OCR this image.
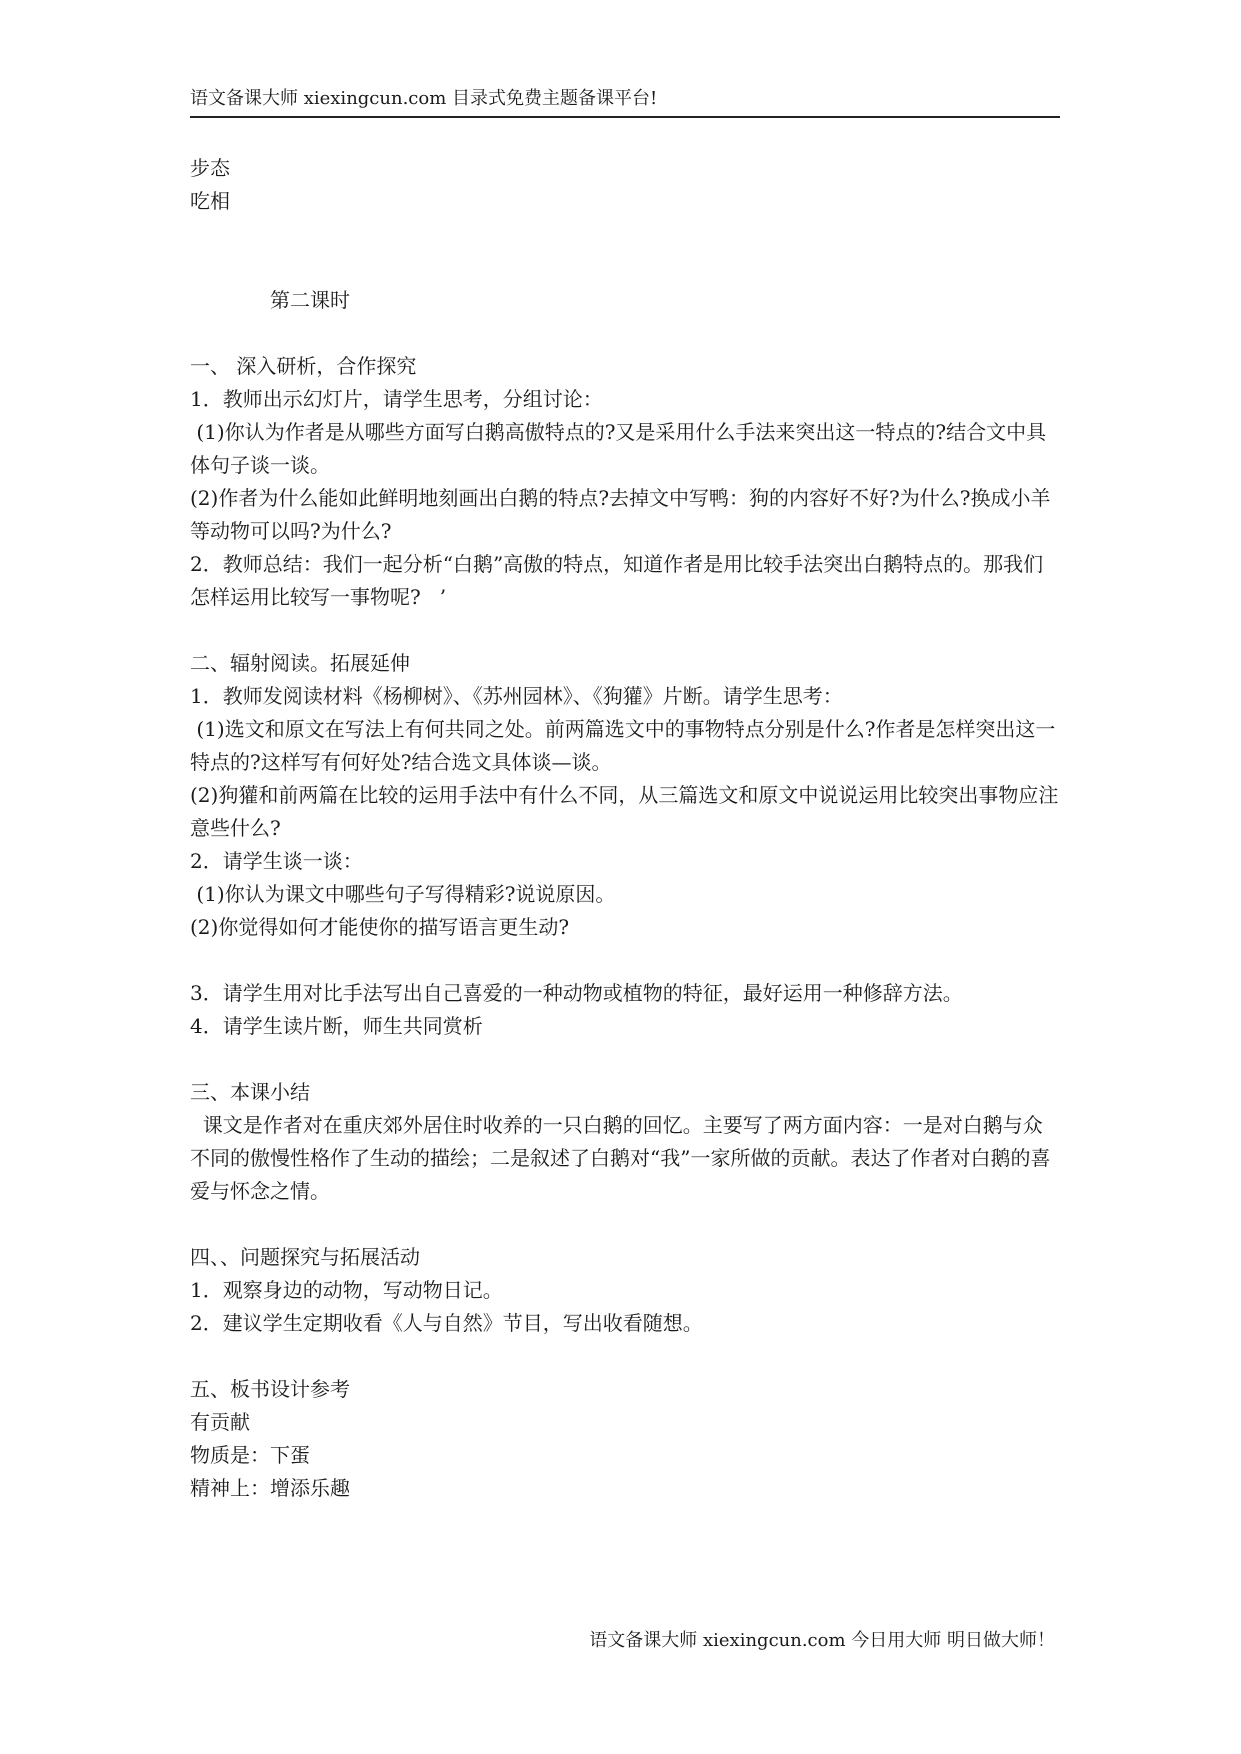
语文备课大师 xiexingcun.com 目录式免费主题备课平台!
步态
吃相
第二课时
一、 深入研析，合作探究
1．教师出示幻灯片，请学生思考，分组讨论：
(1)你认为作者是从哪些方面写白鹅高傲特点的?又是采用什么手法来突出这一特点的?结合文中具体句子谈一谈。
(2)作者为什么能如此鲜明地刻画出白鹅的特点?去掉文中写鸭：狗的内容好不好?为什么?换成小羊等动物可以吗?为什么?
2．教师总结：我们一起分析“白鹅”高傲的特点，知道作者是用比较手法突出白鹅特点的。那我们怎样运用比较写一事物呢?   ’
二、辐射阅读。拓展延伸
1．教师发阅读材料《杨柳树》、《苏州园林》、《狗獾》片断。请学生思考：
(1)选文和原文在写法上有何共同之处。前两篇选文中的事物特点分别是什么?作者是怎样突出这一特点的?这样写有何好处?结合选文具体谈—谈。
(2)狗獾和前两篇在比较的运用手法中有什么不同，从三篇选文和原文中说说运用比较突出事物应注意些什么?
2．请学生谈一谈：
(1)你认为课文中哪些句子写得精彩?说说原因。
(2)你觉得如何才能使你的描写语言更生动?
3．请学生用对比手法写出自己喜爱的一种动物或植物的特征，最好运用一种修辞方法。
4．请学生读片断，师生共同赏析
三、本课小结
课文是作者对在重庆郊外居住时收养的一只白鹅的回忆。主要写了两方面内容：一是对白鹅与众不同的傲慢性格作了生动的描绘；二是叙述了白鹅对“我”一家所做的贡献。表达了作者对白鹅的喜爱与怀念之情。
四、、问题探究与拓展活动
1．观察身边的动物，写动物日记。
2．建议学生定期收看《人与自然》节目，写出收看随想。
五、板书设计参考
有贡献
物质是：下蛋
精神上：增添乐趣
语文备课大师 xiexingcun.com 今日用大师 明日做大师！
